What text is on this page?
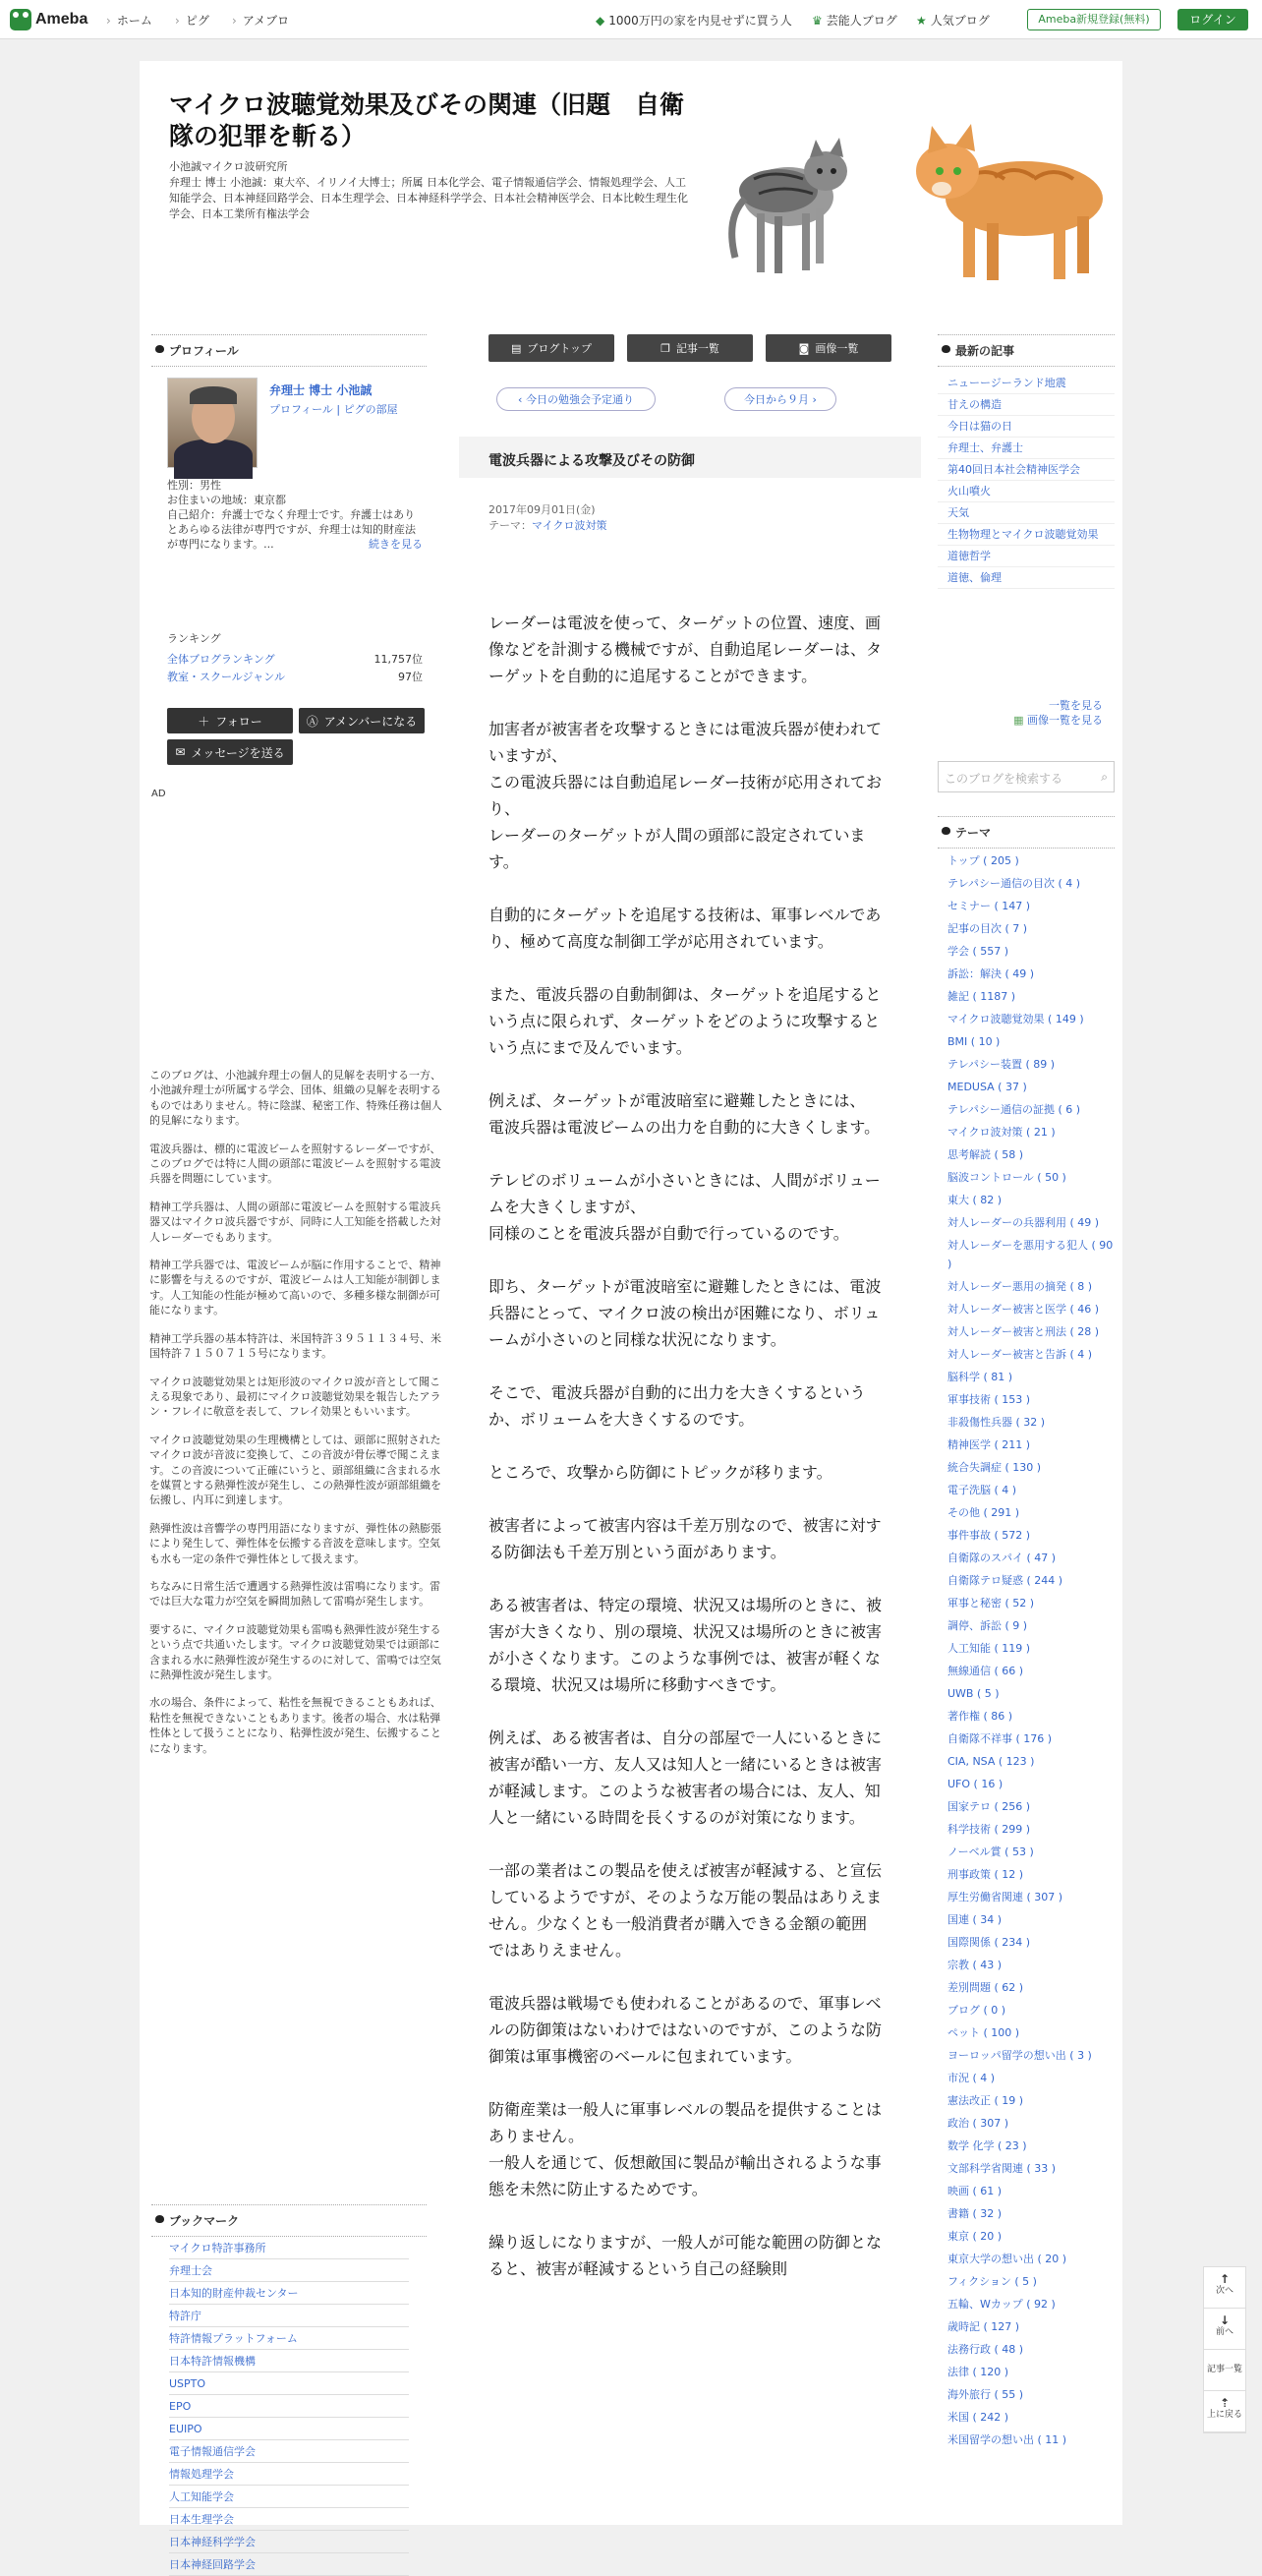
Ameba	› ホーム	› ピグ	› アメブロ	◆ 1000万円の家を内見せずに買う人 ♛ 芸能人ブログ ★ 人気ブログ	Ameba新規登録(無料)	ログイン
マイクロ波聴覚効果及びその関連（旧題　自衛隊の犯罪を斬る）
小池誠マイクロ波研究所
弁理士 博士 小池誠：東大卒、イリノイ大博士；所属 日本化学会、電子情報通信学会、情報処理学会、人工知能学会、日本神経回路学会、日本生理学会、日本神経科学学会、日本社会精神医学会、日本比較生理生化学会、日本工業所有権法学会
プロフィール
弁理士 博士 小池誠
プロフィール | ピグの部屋
性別：男性
お住まいの地域：東京都
自己紹介：弁護士でなく弁理士です。弁護士はありとあらゆる法律が専門ですが、弁理士は知的財産法が専門になります。...	続きを見る
ランキング
全体ブログランキング	11,757位
教室・スクールジャンル	97位
＋ フォロー	Ⓐ アメンバーになる
✉ メッセージを送る
AD

このブログは、小池誠弁理士の個人的見解を表明する一方、小池誠弁理士が所属する学会、団体、組織の見解を表明するものではありません。特に陰謀、秘密工作、特殊任務は個人的見解になります。

電波兵器は、標的に電波ビームを照射するレーダーですが、このブログでは特に人間の頭部に電波ビームを照射する電波兵器を問題にしています。

精神工学兵器は、人間の頭部に電波ビームを照射する電波兵器又はマイクロ波兵器ですが、同時に人工知能を搭載した対人レーダーでもあります。

精神工学兵器では、電波ビームが脳に作用することで、精神に影響を与えるのですが、電波ビームは人工知能が制御します。人工知能の性能が極めて高いので、多種多様な制御が可能になります。

精神工学兵器の基本特許は、米国特許３９５１１３４号、米国特許７１５０７１５号になります。

マイクロ波聴覚効果とは矩形波のマイクロ波が音として聞こえる現象であり、最初にマイクロ波聴覚効果を報告したアラン・フレイに敬意を表して、フレイ効果ともいいます。

マイクロ波聴覚効果の生理機構としては、頭部に照射されたマイクロ波が音波に変換して、この音波が骨伝導で聞こえます。この音波について正確にいうと、頭部組織に含まれる水を媒質とする熱弾性波が発生し、この熱弾性波が頭部組織を伝搬し、内耳に到達します。

熱弾性波は音響学の専門用語になりますが、弾性体の熱膨張により発生して、弾性体を伝搬する音波を意味します。空気も水も一定の条件で弾性体として扱えます。

ちなみに日常生活で遭遇する熱弾性波は雷鳴になります。雷では巨大な電力が空気を瞬間加熱して雷鳴が発生します。

要するに、マイクロ波聴覚効果も雷鳴も熱弾性波が発生するという点で共通いたします。マイクロ波聴覚効果では頭部に含まれる水に熱弾性波が発生するのに対して、雷鳴では空気に熱弾性波が発生します。

水の場合、条件によって、粘性を無視できることもあれば、粘性を無視できないこともあります。後者の場合、水は粘弾性体として扱うことになり、粘弾性波が発生、伝搬することになります。

ブックマーク
マイクロ特許事務所
弁理士会
日本知的財産仲裁センター
特許庁
特許情報プラットフォーム
日本特許情報機構
USPTO
EPO
EUIPO
電子情報通信学会
情報処理学会
人工知能学会
日本生理学会
日本神経科学学会
日本神経回路学会
▤ ブログトップ	❐ 記事一覧	◙ 画像一覧
‹ 今日の勉強会予定通り	今日から９月 ›
電波兵器による攻撃及びその防御
2017年09月01日(金)
テーマ：マイクロ波対策

レーダーは電波を使って、ターゲットの位置、速度、画像などを計測する機械ですが、自動追尾レーダーは、ターゲットを自動的に追尾することができます。

加害者が被害者を攻撃するときには電波兵器が使われていますが、
この電波兵器には自動追尾レーダー技術が応用されており、
レーダーのターゲットが人間の頭部に設定されています。

自動的にターゲットを追尾する技術は、軍事レベルであり、極めて高度な制御工学が応用されています。

また、電波兵器の自動制御は、ターゲットを追尾するという点に限られず、ターゲットをどのように攻撃するという点にまで及んでいます。

例えば、ターゲットが電波暗室に避難したときには、
電波兵器は電波ビームの出力を自動的に大きくします。

テレビのボリュームが小さいときには、人間がボリュームを大きくしますが、
同様のことを電波兵器が自動で行っているのです。

即ち、ターゲットが電波暗室に避難したときには、電波兵器にとって、マイクロ波の検出が困難になり、ボリュームが小さいのと同様な状況になります。

そこで、電波兵器が自動的に出力を大きくするというか、ボリュームを大きくするのです。

ところで、攻撃から防御にトピックが移ります。

被害者によって被害内容は千差万別なので、被害に対する防御法も千差万別という面があります。

ある被害者は、特定の環境、状況又は場所のときに、被害が大きくなり、別の環境、状況又は場所のときに被害が小さくなります。このような事例では、被害が軽くなる環境、状況又は場所に移動すべきです。

例えば、ある被害者は、自分の部屋で一人にいるときに被害が酷い一方、友人又は知人と一緒にいるときは被害が軽減します。このような被害者の場合には、友人、知人と一緒にいる時間を長くするのが対策になります。

一部の業者はこの製品を使えば被害が軽減する、と宣伝しているようですが、そのような万能の製品はありえません。少なくとも一般消費者が購入できる金額の範囲ではありえません。

電波兵器は戦場でも使われることがあるので、軍事レベルの防御策はないわけではないのですが、このような防御策は軍事機密のベールに包まれています。

防衛産業は一般人に軍事レベルの製品を提供することはありません。
一般人を通じて、仮想敵国に製品が輸出されるような事態を未然に防止するためです。

繰り返しになりますが、一般人が可能な範囲の防御となると、被害が軽減するという自己の経験則

最新の記事
ニューージーランド地震
甘えの構造
今日は猫の日
弁理士、弁護士
第40回日本社会精神医学会
火山噴火
天気
生物物理とマイクロ波聴覚効果
道徳哲学
道徳、倫理
一覧を見る
▦ 画像一覧を見る
このブログを検索する	⌕
テーマ
トップ ( 205 )
テレパシー通信の目次 ( 4 )
セミナー ( 147 )
記事の目次 ( 7 )
学会 ( 557 )
訴訟：解決 ( 49 )
雑記 ( 1187 )
マイクロ波聴覚効果 ( 149 )
BMI ( 10 )
テレパシー装置 ( 89 )
MEDUSA ( 37 )
テレパシー通信の証拠 ( 6 )
マイクロ波対策 ( 21 )
思考解読 ( 58 )
脳波コントロール ( 50 )
東大 ( 82 )
対人レーダーの兵器利用 ( 49 )
対人レーダーを悪用する犯人 ( 90 )
対人レーダー悪用の摘発 ( 8 )
対人レーダー被害と医学 ( 46 )
対人レーダー被害と刑法 ( 28 )
対人レーダー被害と告訴 ( 4 )
脳科学 ( 81 )
軍事技術 ( 153 )
非殺傷性兵器 ( 32 )
精神医学 ( 211 )
統合失調症 ( 130 )
電子洗脳 ( 4 )
その他 ( 291 )
事件事故 ( 572 )
自衛隊のスパイ ( 47 )
自衛隊テロ疑惑 ( 244 )
軍事と秘密 ( 52 )
調停、訴訟 ( 9 )
人工知能 ( 119 )
無線通信 ( 66 )
UWB ( 5 )
著作権 ( 86 )
自衛隊不祥事 ( 176 )
CIA, NSA ( 123 )
UFO ( 16 )
国家テロ ( 256 )
科学技術 ( 299 )
ノーベル賞 ( 53 )
刑事政策 ( 12 )
厚生労働省関連 ( 307 )
国連 ( 34 )
国際関係 ( 234 )
宗教 ( 43 )
差別問題 ( 62 )
ブログ ( 0 )
ペット ( 100 )
ヨーロッパ留学の想い出 ( 3 )
市況 ( 4 )
憲法改正 ( 19 )
政治 ( 307 )
数学 化学 ( 23 )
文部科学省関連 ( 33 )
映画 ( 61 )
書籍 ( 32 )
東京 ( 20 )
東京大学の想い出 ( 20 )
フィクション ( 5 )
五輪、Wカップ ( 92 )
歳時記 ( 127 )
法務行政 ( 48 )
法律 ( 120 )
海外旅行 ( 55 )
米国 ( 242 )
米国留学の想い出 ( 11 )
↑
次へ
↓
前へ
記事一覧
⇡
上に戻る
